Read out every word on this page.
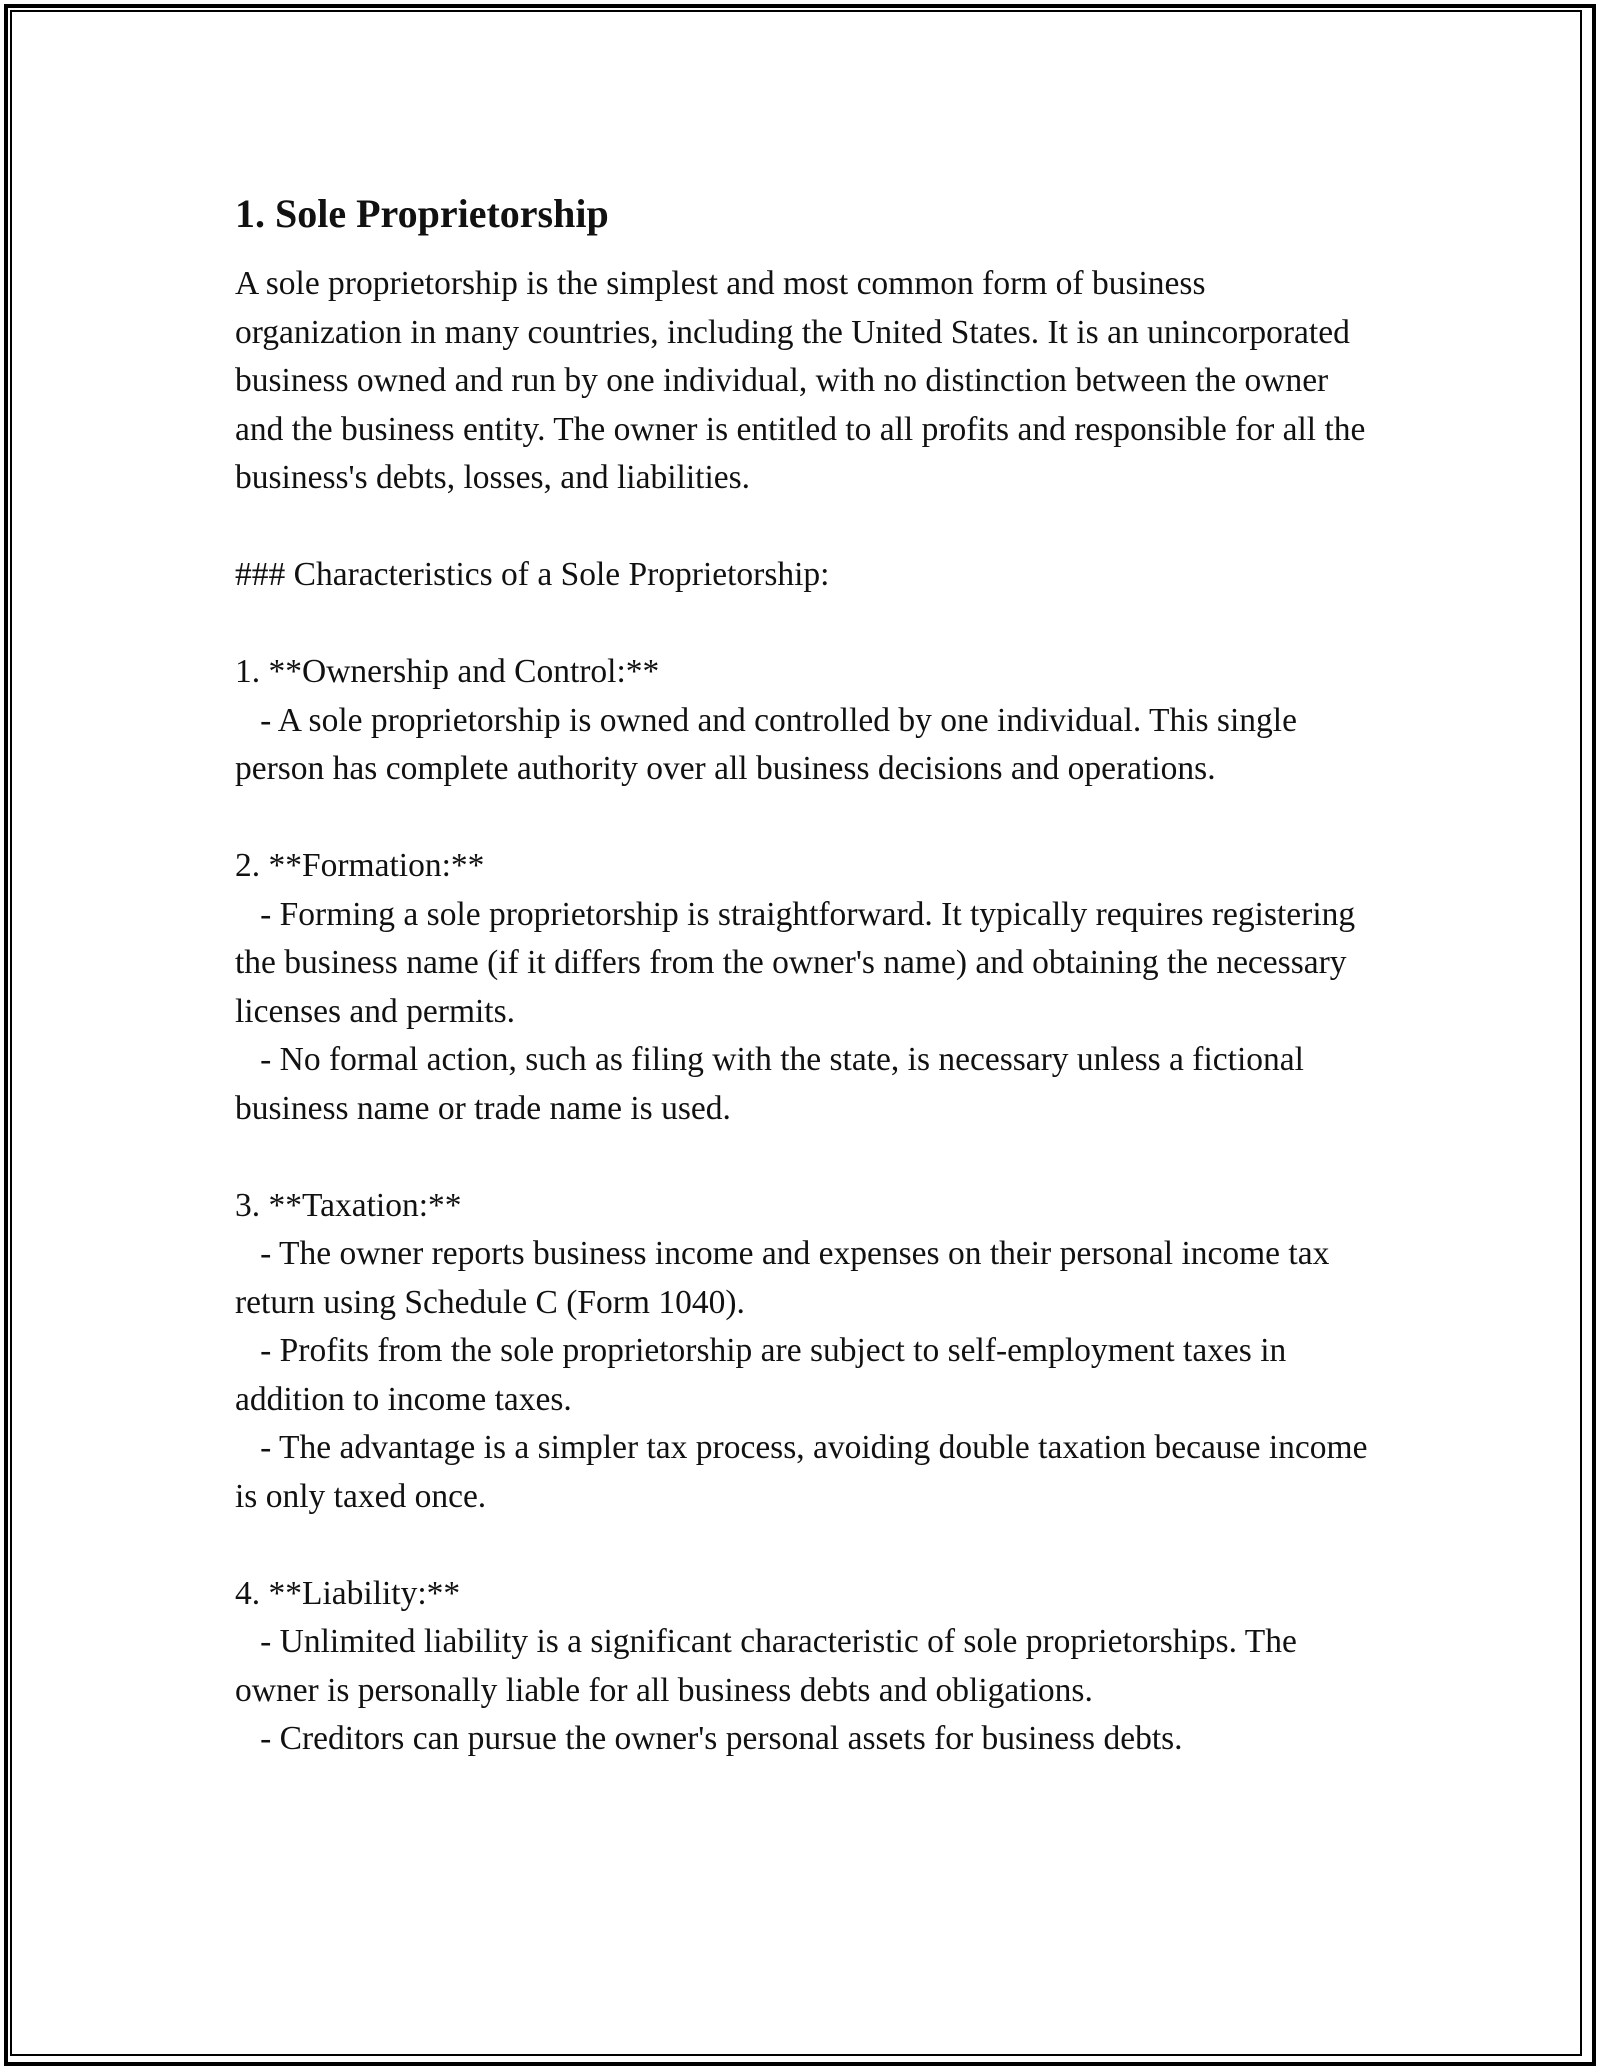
1. Sole Proprietorship
A sole proprietorship is the simplest and most common form of business organization in many countries, including the United States. It is an unincorporated business owned and run by one individual, with no distinction between the owner and the business entity. The owner is entitled to all profits and responsible for all the business's debts, losses, and liabilities.
### Characteristics of a Sole Proprietorship:
1. **Ownership and Control:**
- A sole proprietorship is owned and controlled by one individual. This single person has complete authority over all business decisions and operations.
2. **Formation:**
- Forming a sole proprietorship is straightforward. It typically requires registering the business name (if it differs from the owner's name) and obtaining the necessary licenses and permits.
- No formal action, such as filing with the state, is necessary unless a fictional business name or trade name is used.
3. **Taxation:**
- The owner reports business income and expenses on their personal income tax return using Schedule C (Form 1040).
- Profits from the sole proprietorship are subject to self-employment taxes in addition to income taxes.
- The advantage is a simpler tax process, avoiding double taxation because income is only taxed once.
4. **Liability:**
- Unlimited liability is a significant characteristic of sole proprietorships. The owner is personally liable for all business debts and obligations.
- Creditors can pursue the owner's personal assets for business debts.
